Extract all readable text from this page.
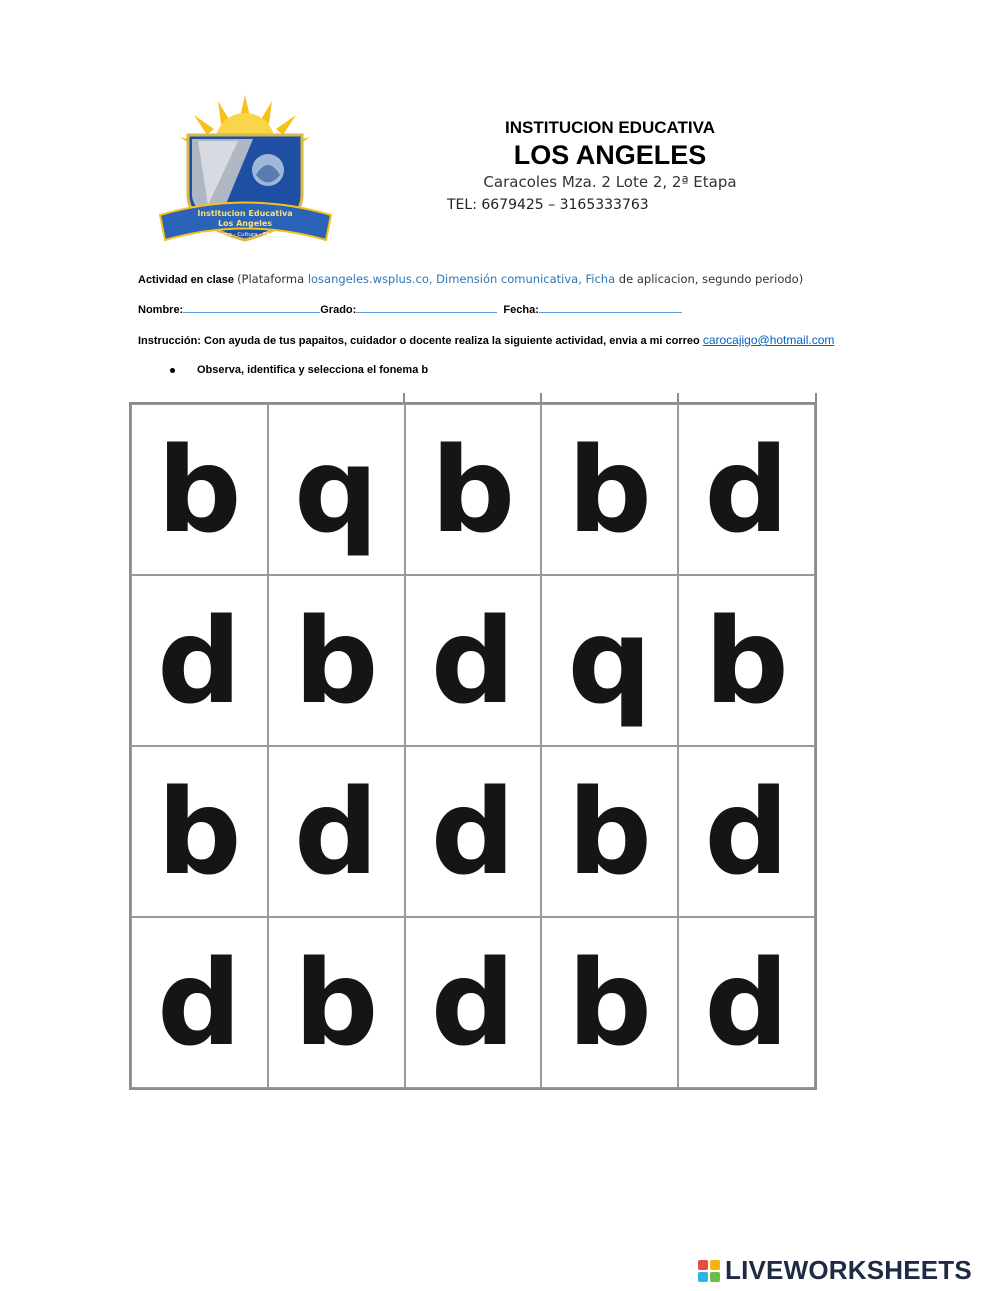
Institucion Educativa
Los Angeles
Dinamismo - Cultura - Eficiencia
INSTITUCION EDUCATIVA
LOS ANGELES
Caracoles Mza. 2 Lote 2, 2ª Etapa
TEL: 6679425 – 3165333763
Actividad en clase (Plataforma losangeles.wsplus.co, Dimensión comunicativa, Ficha de aplicacion, segundo periodo)
Nombre:	Grado:	Fecha:
Instrucción: Con ayuda de tus papaitos, cuidador o docente realiza la siguiente actividad, envia a mi correo carocajigo@hotmail.com
Observa, identifica y selecciona el fonema b
b q b b d
d b d q b
b d d b d
d b d b d
LIVEWORKSHEETS
